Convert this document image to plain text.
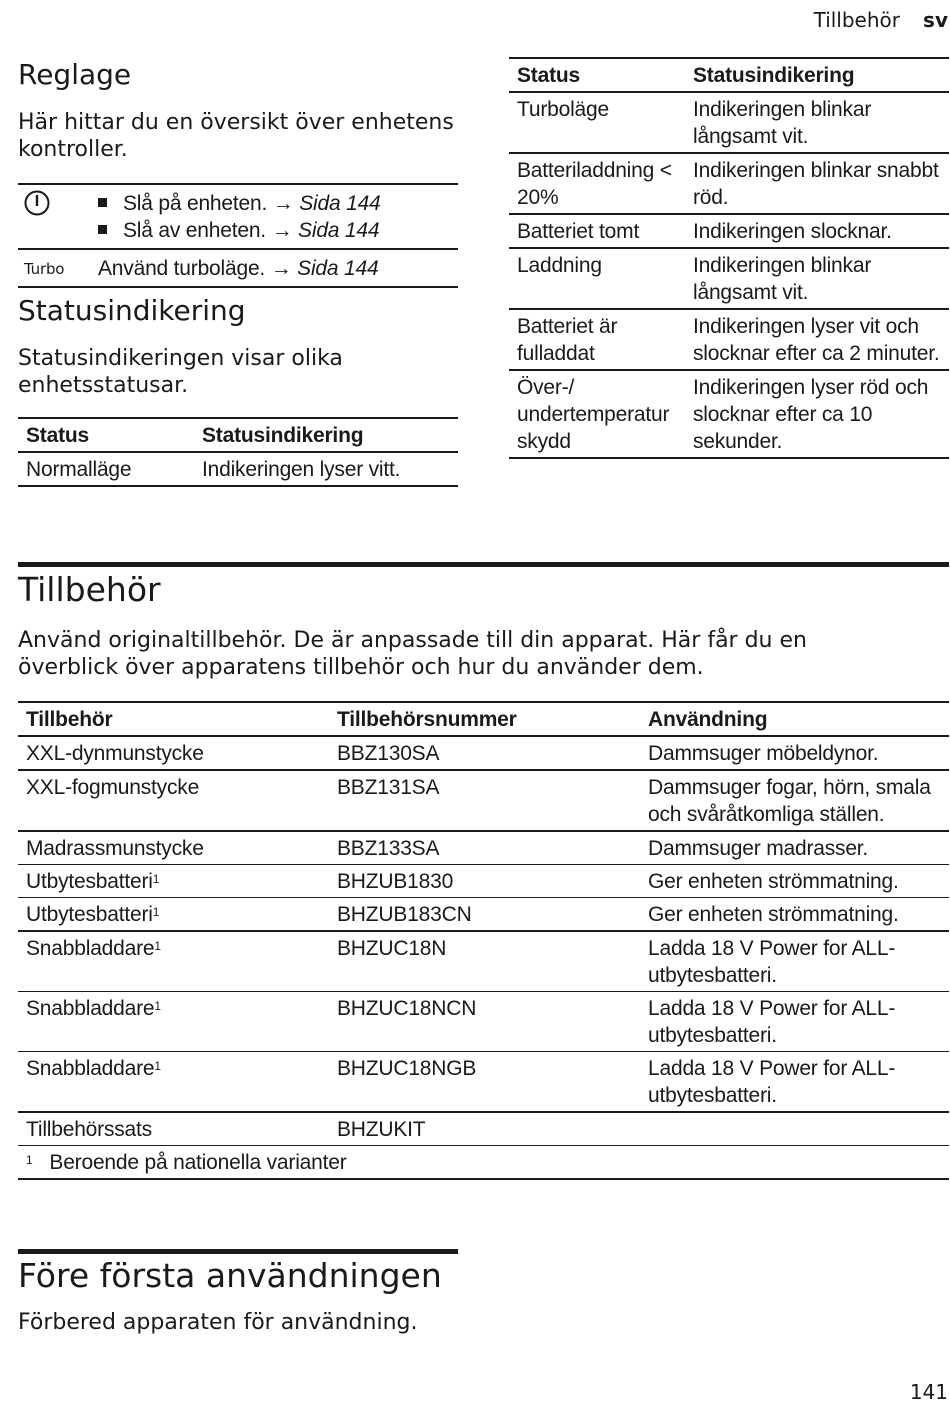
Tillbehör sv
Reglage
Här hittar du en översikt över enhetens kontroller.

Slå på enheten. → Sida 144
Slå av enheten. → Sida 144

Turbo	Använd turboläge. → Sida 144
Statusindikering
Statusindikeringen visar olika enhetsstatusar.
Status	Statusindikering
Normalläge	Indikeringen lyser vitt.
Status	Statusindikering
Turboläge	Indikeringen blinkar långsamt vit.
Batteriladdning < 20%	Indikeringen blinkar snabbt röd.
Batteriet tomt	Indikeringen slocknar.
Laddning	Indikeringen blinkar långsamt vit.
Batteriet är fulladdat	Indikeringen lyser vit och slocknar efter ca 2 minuter.
Över-/ undertemperatur skydd	Indikeringen lyser röd och slocknar efter ca 10 sekunder.
Tillbehör
Använd originaltillbehör. De är anpassade till din apparat. Här får du en överblick över apparatens tillbehör och hur du använder dem.
Tillbehör	Tillbehörsnummer	Användning
XXL-dynmunstycke	BBZ130SA	Dammsuger möbeldynor.
XXL-fogmunstycke	BBZ131SA	Dammsuger fogar, hörn, smala och svåråtkomliga ställen.
Madrassmunstycke	BBZ133SA	Dammsuger madrasser.
Utbytesbatteri$^1$	BHZUB1830	Ger enheten strömmatning.
Utbytesbatteri$^1$	BHZUB183CN	Ger enheten strömmatning.
Snabbladdare$^1$	BHZUC18N	Ladda 18 V Power for ALL-utbytesbatteri.
Snabbladdare$^1$	BHZUC18NCN	Ladda 18 V Power for ALL-utbytesbatteri.
Snabbladdare$^1$	BHZUC18NGB	Ladda 18 V Power for ALL-utbytesbatteri.
Tillbehörssats	BHZUKIT	
$^1$ Beroende på nationella varianter		
Före första användningen
Förbered apparaten för användning.
141
